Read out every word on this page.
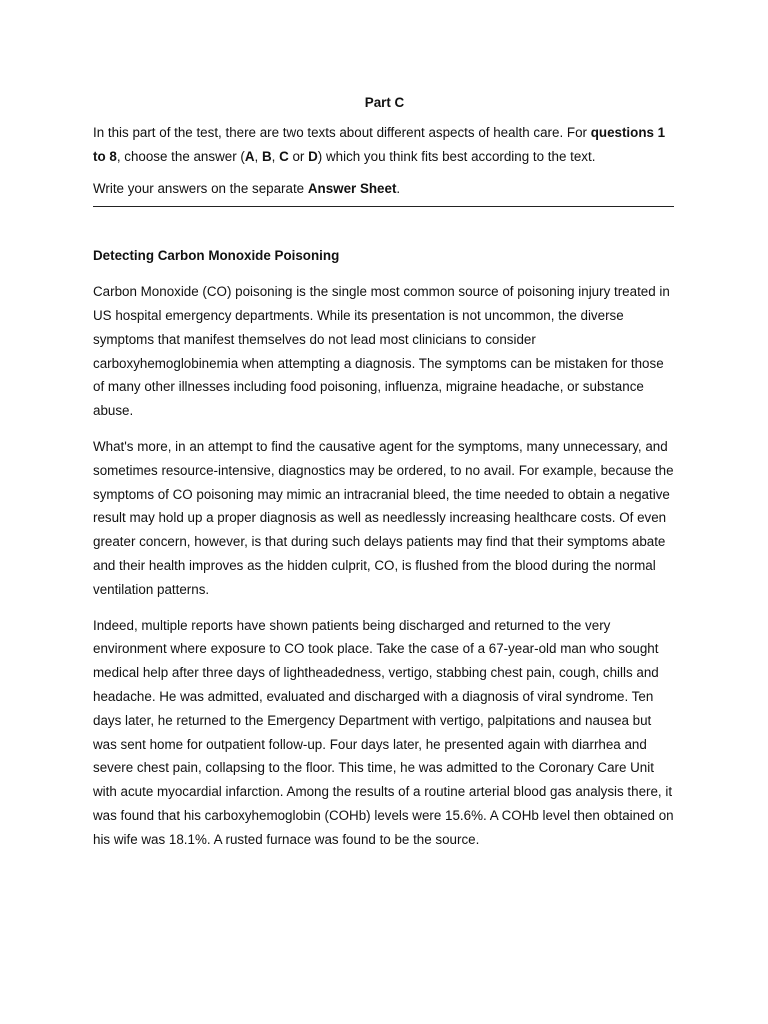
Part C

In this part of the test, there are two texts about different aspects of health care. For questions 1 to 8, choose the answer (A, B, C or D) which you think fits best according to the text.

Write your answers on the separate Answer Sheet.

Detecting Carbon Monoxide Poisoning

Carbon Monoxide (CO) poisoning is the single most common source of poisoning injury treated in US hospital emergency departments. While its presentation is not uncommon, the diverse symptoms that manifest themselves do not lead most clinicians to consider carboxyhemoglobinemia when attempting a diagnosis. The symptoms can be mistaken for those of many other illnesses including food poisoning, influenza, migraine headache, or substance abuse.

What's more, in an attempt to find the causative agent for the symptoms, many unnecessary, and sometimes resource-intensive, diagnostics may be ordered, to no avail. For example, because the symptoms of CO poisoning may mimic an intracranial bleed, the time needed to obtain a negative result may hold up a proper diagnosis as well as needlessly increasing healthcare costs. Of even greater concern, however, is that during such delays patients may find that their symptoms abate and their health improves as the hidden culprit, CO, is flushed from the blood during the normal ventilation patterns.

Indeed, multiple reports have shown patients being discharged and returned to the very environment where exposure to CO took place. Take the case of a 67-year-old man who sought medical help after three days of lightheadedness, vertigo, stabbing chest pain, cough, chills and headache. He was admitted, evaluated and discharged with a diagnosis of viral syndrome. Ten days later, he returned to the Emergency Department with vertigo, palpitations and nausea but was sent home for outpatient follow-up. Four days later, he presented again with diarrhea and severe chest pain, collapsing to the floor. This time, he was admitted to the Coronary Care Unit with acute myocardial infarction. Among the results of a routine arterial blood gas analysis there, it was found that his carboxyhemoglobin (COHb) levels were 15.6%. A COHb level then obtained on his wife was 18.1%. A rusted furnace was found to be the source.
